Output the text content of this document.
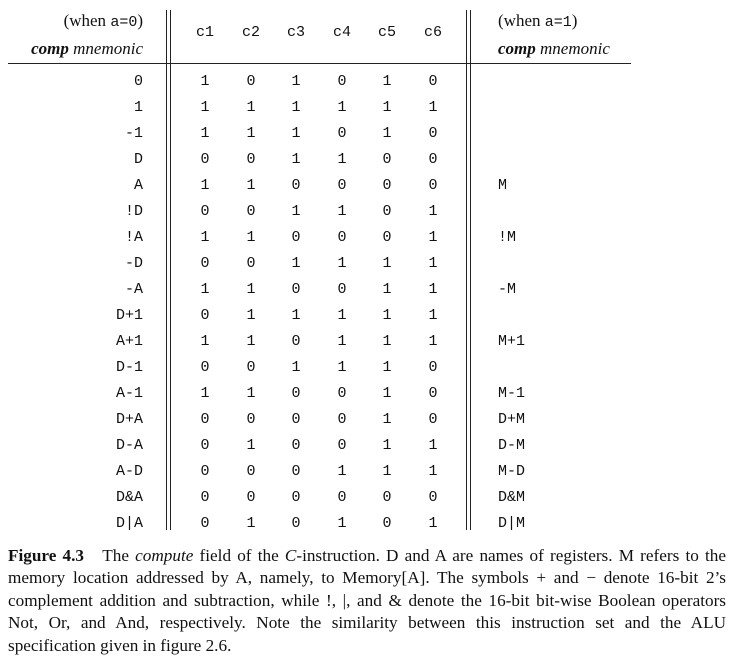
(when a=0)
comp mnemonic
c1	c2	c3	c4	c5	c6
(when a=1)
comp mnemonic
0	1	0	1	0	1	0
1	1	1	1	1	1	1
-1	1	1	1	0	1	0
D	0	0	1	1	0	0
A	1	1	0	0	0	0	M
!D	0	0	1	1	0	1
!A	1	1	0	0	0	1	!M
-D	0	0	1	1	1	1
-A	1	1	0	0	1	1	-M
D+1	0	1	1	1	1	1
A+1	1	1	0	1	1	1	M+1
D-1	0	0	1	1	1	0
A-1	1	1	0	0	1	0	M-1
D+A	0	0	0	0	1	0	D+M
D-A	0	1	0	0	1	1	D-M
A-D	0	0	0	1	1	1	M-D
D&A	0	0	0	0	0	0	D&M
D|A	0	1	0	1	0	1	D|M
Figure 4.3 The compute field of the C-instruction. D and A are names of registers. M refers to the memory location addressed by A, namely, to Memory[A]. The symbols + and − denote 16-bit 2’s complement addition and subtraction, while !, |, and & denote the 16-bit bit-wise Boolean operators Not, Or, and And, respectively. Note the similarity between this instruction set and the ALU specification given in figure 2.6.
